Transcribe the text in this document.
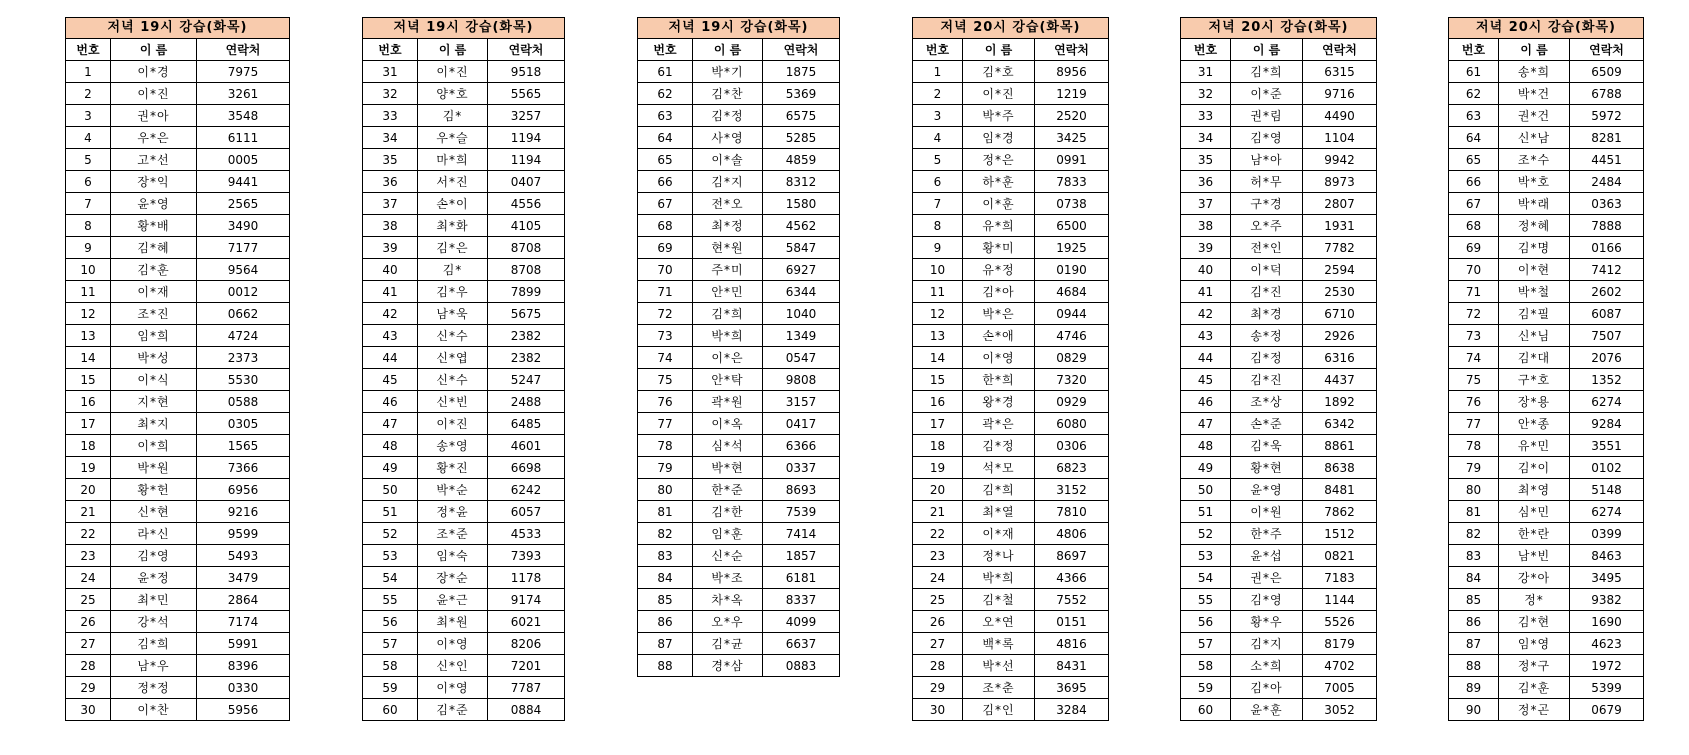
저녁 19시 강습(화목)		
번호	이 름	연락처
1	이*경	7975
2	이*진	3261
3	권*아	3548
4	우*은	6111
5	고*선	0005
6	장*익	9441
7	윤*영	2565
8	황*배	3490
9	김*혜	7177
10	김*훈	9564
11	이*재	0012
12	조*진	0662
13	임*희	4724
14	박*성	2373
15	이*식	5530
16	지*현	0588
17	최*지	0305
18	이*희	1565
19	박*원	7366
20	황*헌	6956
21	신*현	9216
22	라*신	9599
23	김*영	5493
24	윤*정	3479
25	최*민	2864
26	강*석	7174
27	김*희	5991
28	남*우	8396
29	정*정	0330
30	이*찬	5956
저녁 19시 강습(화목)		
번호	이 름	연락처
31	이*진	9518
32	양*호	5565
33	김*	3257
34	우*슬	1194
35	마*희	1194
36	서*진	0407
37	손*이	4556
38	최*화	4105
39	김*은	8708
40	김*	8708
41	김*우	7899
42	남*욱	5675
43	신*수	2382
44	신*엽	2382
45	신*수	5247
46	신*빈	2488
47	이*진	6485
48	송*영	4601
49	황*진	6698
50	박*순	6242
51	정*윤	6057
52	조*준	4533
53	임*숙	7393
54	장*순	1178
55	윤*근	9174
56	최*원	6021
57	이*영	8206
58	신*인	7201
59	이*영	7787
60	김*준	0884
저녁 19시 강습(화목)		
번호	이 름	연락처
61	박*기	1875
62	김*찬	5369
63	김*정	6575
64	사*영	5285
65	이*솔	4859
66	김*지	8312
67	전*오	1580
68	최*정	4562
69	현*원	5847
70	주*미	6927
71	안*민	6344
72	김*희	1040
73	박*희	1349
74	이*은	0547
75	안*탁	9808
76	곽*원	3157
77	이*옥	0417
78	심*석	6366
79	박*현	0337
80	한*준	8693
81	김*한	7539
82	임*훈	7414
83	신*순	1857
84	박*조	6181
85	차*옥	8337
86	오*우	4099
87	김*균	6637
88	경*삼	0883
저녁 20시 강습(화목)		
번호	이 름	연락처
1	김*호	8956
2	이*진	1219
3	박*주	2520
4	임*경	3425
5	정*은	0991
6	하*훈	7833
7	이*훈	0738
8	유*희	6500
9	황*미	1925
10	유*정	0190
11	김*아	4684
12	박*은	0944
13	손*애	4746
14	이*영	0829
15	한*희	7320
16	왕*경	0929
17	곽*은	6080
18	김*정	0306
19	석*모	6823
20	김*희	3152
21	최*열	7810
22	이*재	4806
23	정*나	8697
24	박*희	4366
25	김*철	7552
26	오*연	0151
27	백*록	4816
28	박*선	8431
29	조*춘	3695
30	김*인	3284
저녁 20시 강습(화목)		
번호	이 름	연락처
31	김*희	6315
32	이*준	9716
33	권*림	4490
34	김*영	1104
35	남*아	9942
36	허*무	8973
37	구*경	2807
38	오*주	1931
39	전*인	7782
40	이*덕	2594
41	김*진	2530
42	최*경	6710
43	송*정	2926
44	김*정	6316
45	김*진	4437
46	조*상	1892
47	손*준	6342
48	김*욱	8861
49	황*현	8638
50	윤*영	8481
51	이*원	7862
52	한*주	1512
53	윤*섭	0821
54	권*은	7183
55	김*영	1144
56	황*우	5526
57	김*지	8179
58	소*희	4702
59	김*아	7005
60	윤*훈	3052
저녁 20시 강습(화목)		
번호	이 름	연락처
61	송*희	6509
62	박*건	6788
63	권*건	5972
64	신*남	8281
65	조*수	4451
66	박*호	2484
67	박*래	0363
68	정*혜	7888
69	김*명	0166
70	이*현	7412
71	박*철	2602
72	김*필	6087
73	신*님	7507
74	김*대	2076
75	구*호	1352
76	장*용	6274
77	안*종	9284
78	유*민	3551
79	김*이	0102
80	최*영	5148
81	심*민	6274
82	한*란	0399
83	남*빈	8463
84	강*아	3495
85	정*	9382
86	김*현	1690
87	임*영	4623
88	정*구	1972
89	김*훈	5399
90	정*곤	0679
